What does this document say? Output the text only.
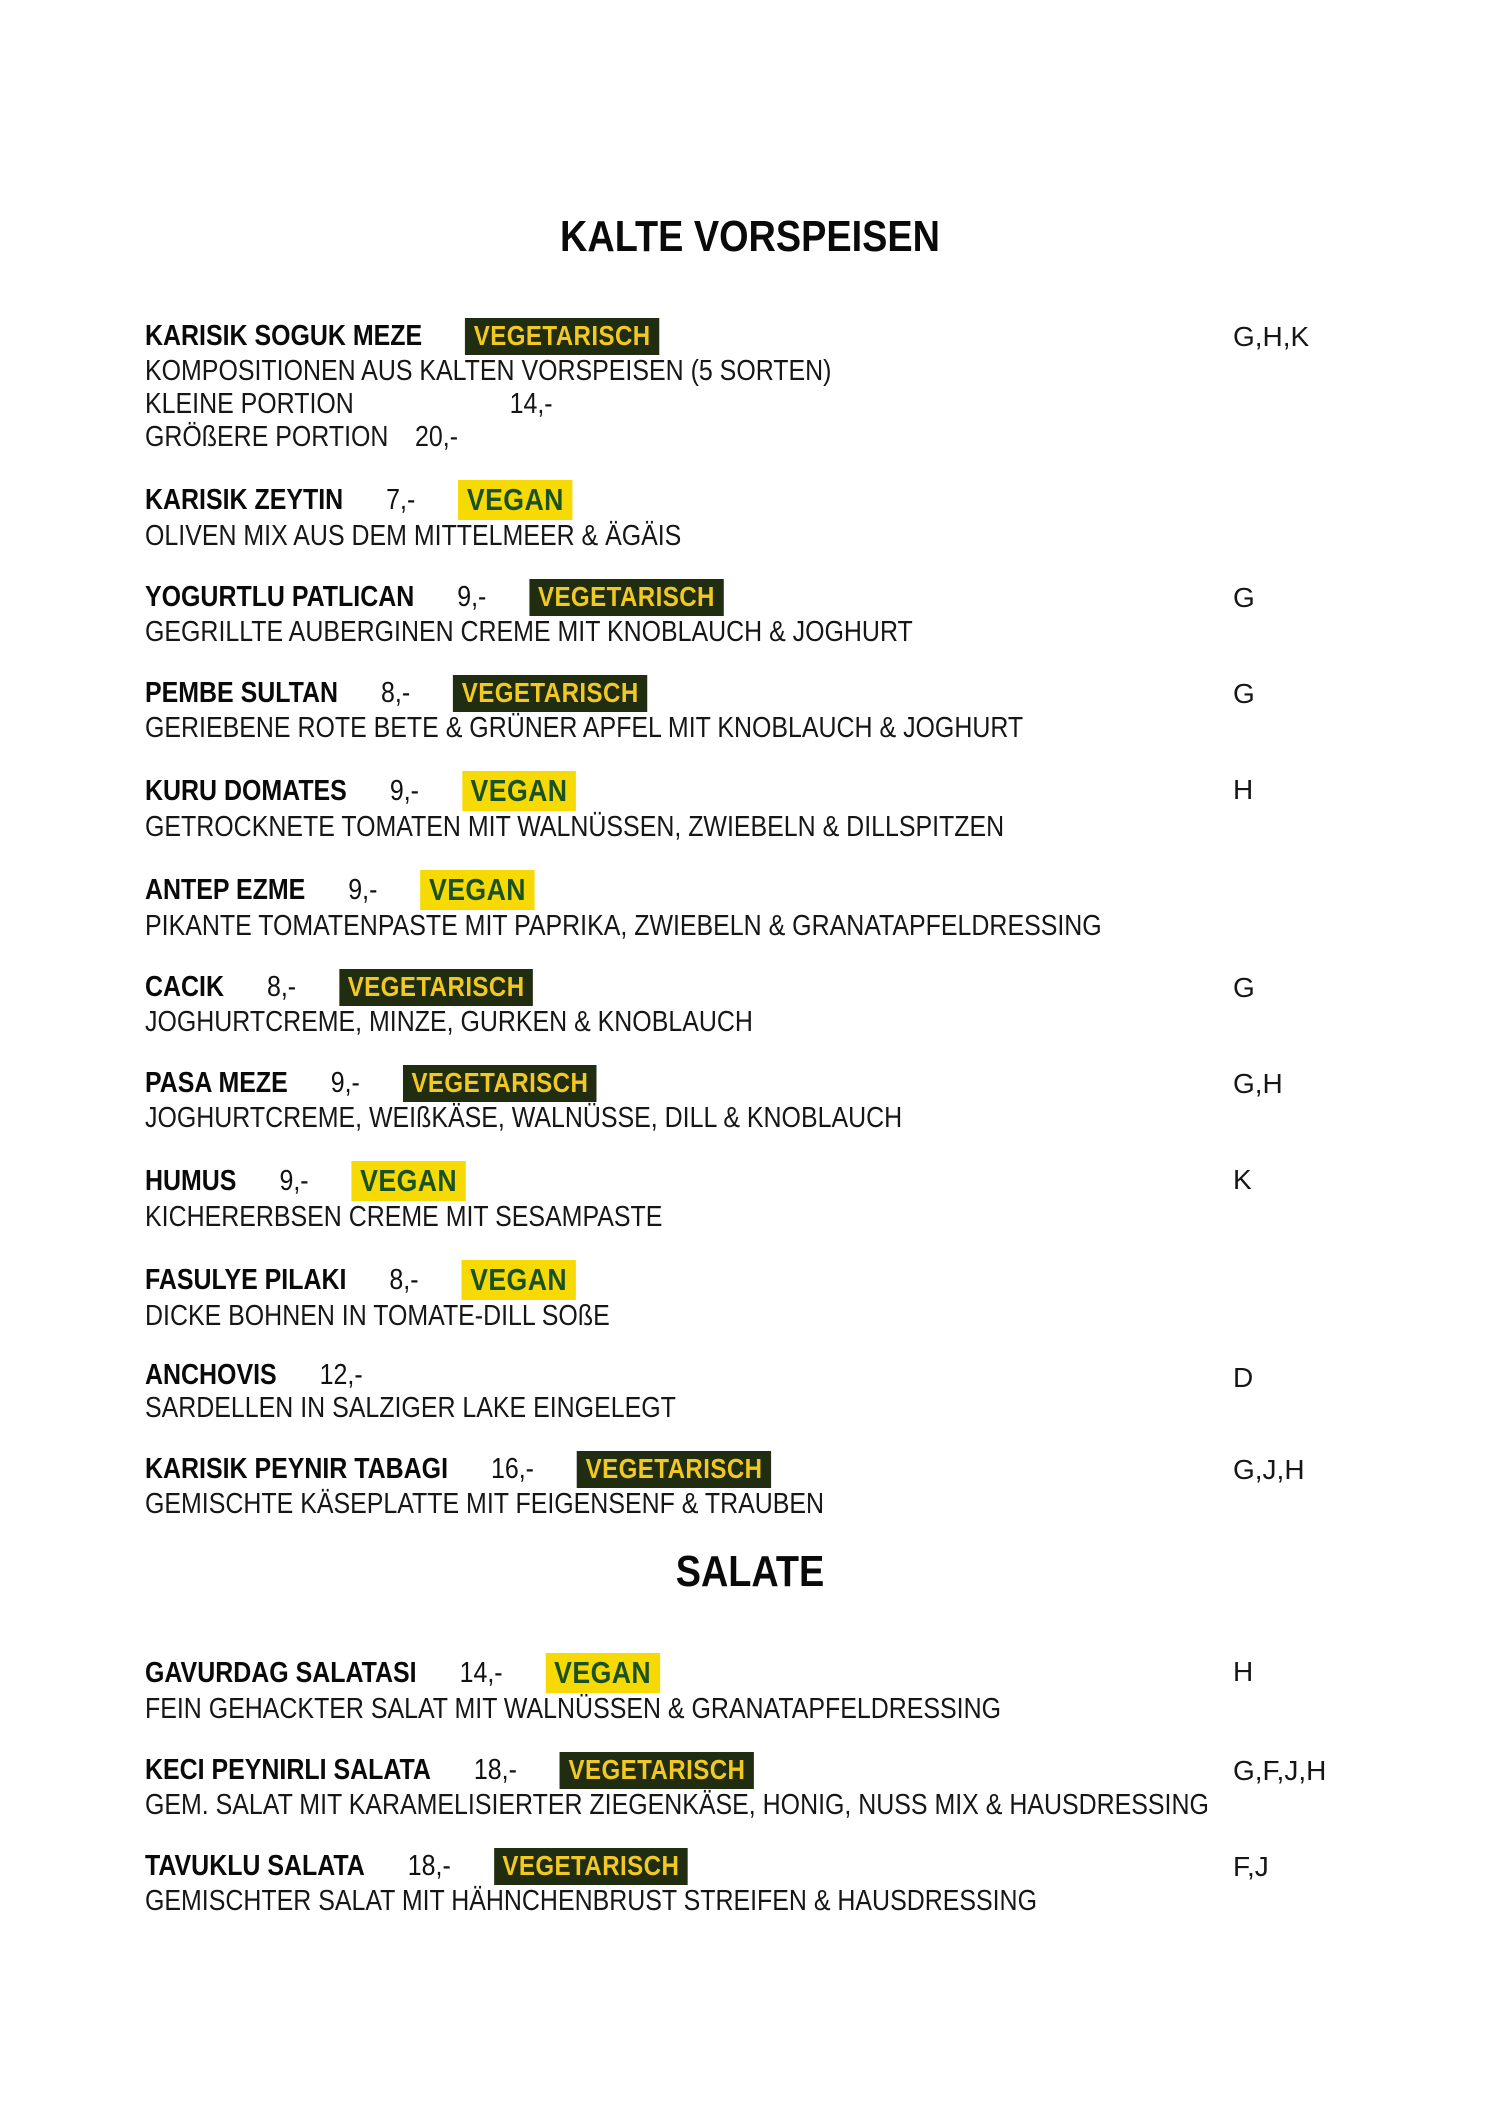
KALTE VORSPEISEN
KARISIK SOGUK MEZE	VEGETARISCH
KOMPOSITIONEN AUS KALTEN VORSPEISEN (5 SORTEN)
KLEINE PORTION	14,-
GRÖßERE PORTION 20,-
G,H,K
KARISIK ZEYTIN 7,- VEGAN
OLIVEN MIX AUS DEM MITTELMEER & ÄGÄIS
YOGURTLU PATLICAN 9,-	VEGETARISCH
GEGRILLTE AUBERGINEN CREME MIT KNOBLAUCH & JOGHURT
G
PEMBE SULTAN 8,-	VEGETARISCH
GERIEBENE ROTE BETE & GRÜNER APFEL MIT KNOBLAUCH & JOGHURT
G
KURU DOMATES 9,- VEGAN
GETROCKNETE TOMATEN MIT WALNÜSSEN, ZWIEBELN & DILLSPITZEN
H
ANTEP EZME 9,- VEGAN
PIKANTE TOMATENPASTE MIT PAPRIKA, ZWIEBELN & GRANATAPFELDRESSING
CACIK 8,-	VEGETARISCH
JOGHURTCREME, MINZE, GURKEN & KNOBLAUCH
G
PASA MEZE 9,-	VEGETARISCH
JOGHURTCREME, WEIßKÄSE, WALNÜSSE, DILL & KNOBLAUCH
G,H
HUMUS 9,- VEGAN
KICHERERBSEN CREME MIT SESAMPASTE
K
FASULYE PILAKI 8,- VEGAN
DICKE BOHNEN IN TOMATE-DILL SOßE
ANCHOVIS 12,-
SARDELLEN IN SALZIGER LAKE EINGELEGT
D
KARISIK PEYNIR TABAGI 16,-	VEGETARISCH
GEMISCHTE KÄSEPLATTE MIT FEIGENSENF & TRAUBEN
G,J,H
SALATE
GAVURDAG SALATASI 14,- VEGAN
FEIN GEHACKTER SALAT MIT WALNÜSSEN & GRANATAPFELDRESSING
H
KECI PEYNIRLI SALATA 18,-	VEGETARISCH
GEM. SALAT MIT KARAMELISIERTER ZIEGENKÄSE, HONIG, NUSS MIX & HAUSDRESSING
G,F,J,H
TAVUKLU SALATA 18,-	VEGETARISCH
GEMISCHTER SALAT MIT HÄHNCHENBRUST STREIFEN & HAUSDRESSING
F,J
